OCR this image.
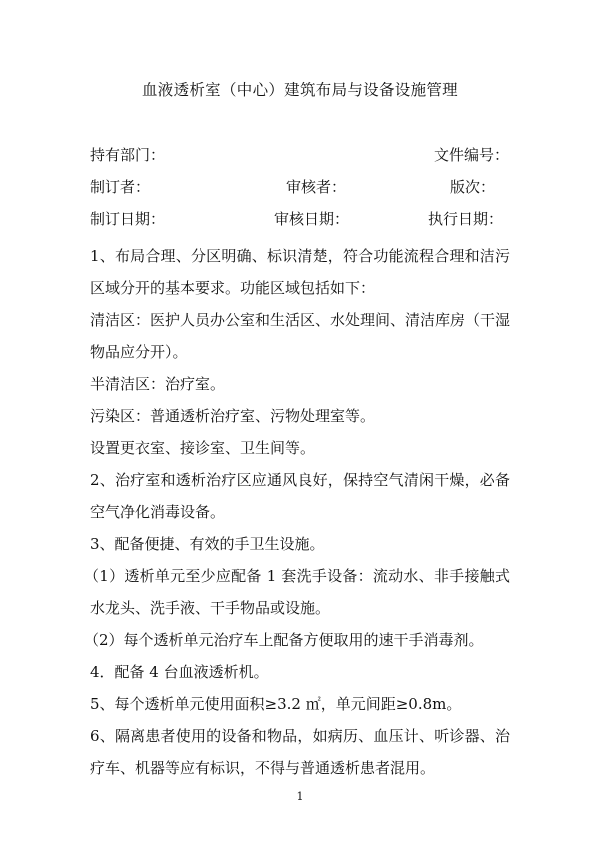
血液透析室（中心）建筑布局与设备设施管理
持有部门：	文件编号：
制订者：	审核者：	版次：
制订日期：	审核日期：	执行日期：

1、布局合理、分区明确、标识清楚，符合功能流程合理和洁污区域分开的基本要求。功能区域包括如下：

清洁区：医护人员办公室和生活区、水处理间、清洁库房（干湿物品应分开）。

半清洁区：治疗室。

污染区：普通透析治疗室、污物处理室等。

设置更衣室、接诊室、卫生间等。

2、治疗室和透析治疗区应通风良好，保持空气清闲干燥，必备空气净化消毒设备。

3、配备便捷、有效的手卫生设施。

（1）透析单元至少应配备 1 套洗手设备：流动水、非手接触式水龙头、洗手液、干手物品或设施。

（2）每个透析单元治疗车上配备方便取用的速干手消毒剂。

4．配备 4 台血液透析机。

5、每个透析单元使用面积≥3.2 ㎡，单元间距≥0.8m。

6、隔离患者使用的设备和物品，如病历、血压计、听诊器、治疗车、机器等应有标识，不得与普通透析患者混用。

1
